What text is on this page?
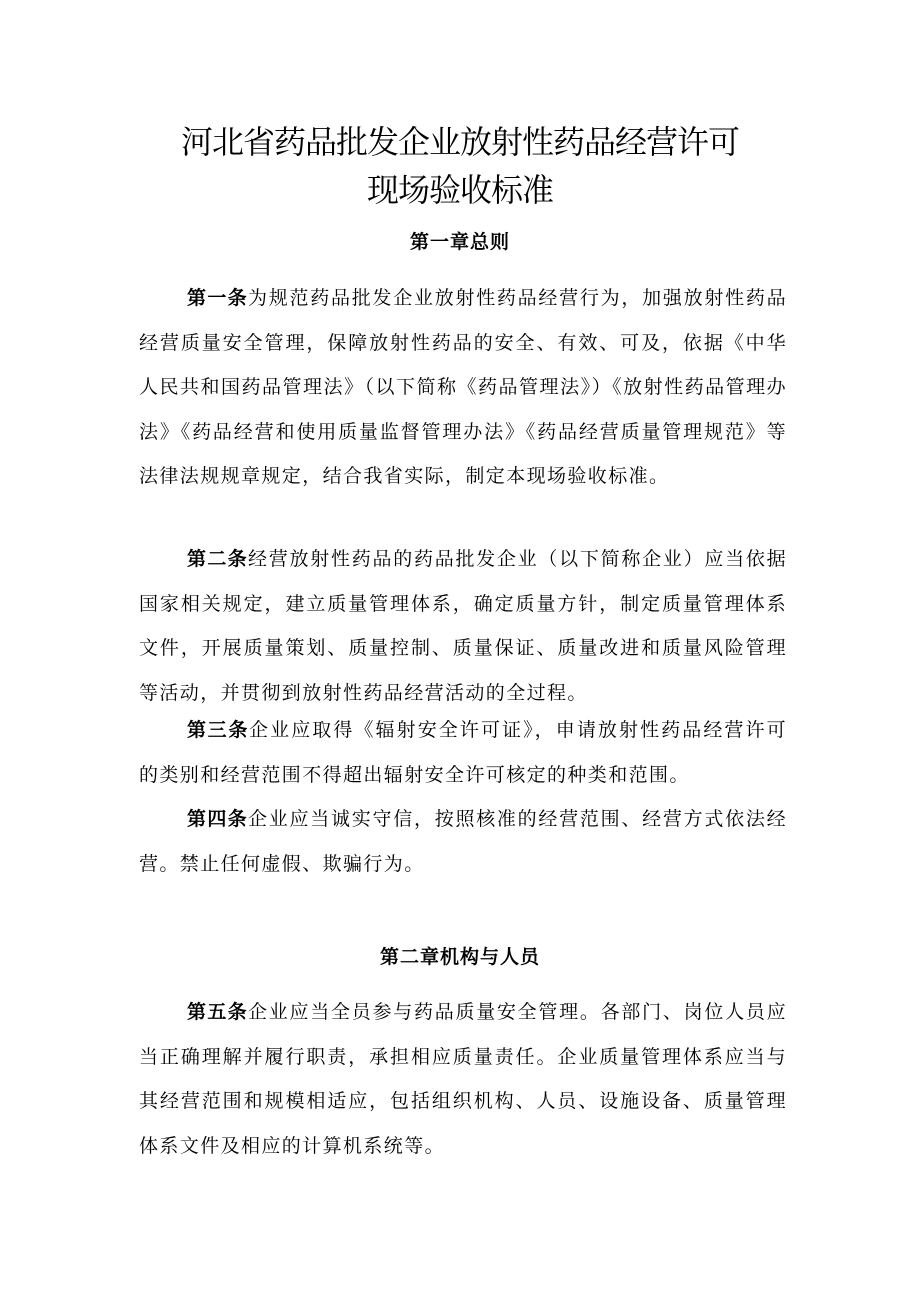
河北省药品批发企业放射性药品经营许可
现场验收标准
第一章总则

第一条为规范药品批发企业放射性药品经营行为，加强放射性药品经营质量安全管理，保障放射性药品的安全、有效、可及，依据《中华人民共和国药品管理法》（以下简称《药品管理法》）《放射性药品管理办法》《药品经营和使用质量监督管理办法》《药品经营质量管理规范》等法律法规规章规定，结合我省实际，制定本现场验收标准。

第二条经营放射性药品的药品批发企业（以下简称企业）应当依据国家相关规定，建立质量管理体系，确定质量方针，制定质量管理体系文件，开展质量策划、质量控制、质量保证、质量改进和质量风险管理等活动，并贯彻到放射性药品经营活动的全过程。

第三条企业应取得《辐射安全许可证》，申请放射性药品经营许可的类别和经营范围不得超出辐射安全许可核定的种类和范围。

第四条企业应当诚实守信，按照核准的经营范围、经营方式依法经营。禁止任何虚假、欺骗行为。

第二章机构与人员

第五条企业应当全员参与药品质量安全管理。各部门、岗位人员应当正确理解并履行职责，承担相应质量责任。企业质量管理体系应当与其经营范围和规模相适应，包括组织机构、人员、设施设备、质量管理体系文件及相应的计算机系统等。
